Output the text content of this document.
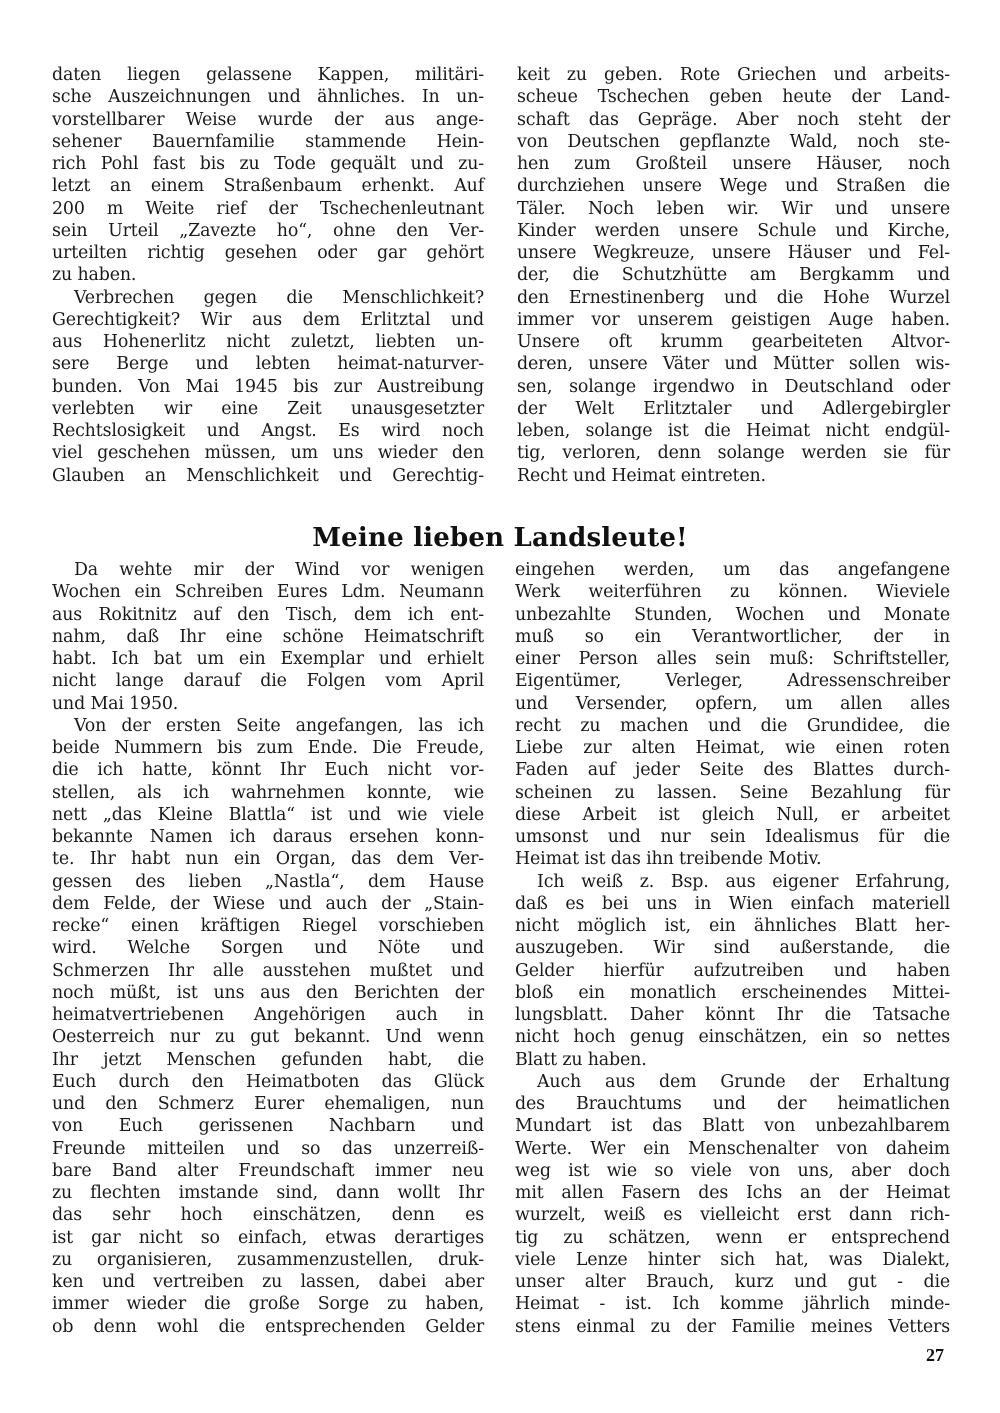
daten liegen gelassene Kappen, militäri-
sche Auszeichnungen und ähnliches. In un-
vorstellbarer Weise wurde der aus ange-
sehener Bauernfamilie stammende Hein-
rich Pohl fast bis zu Tode gequält und zu-
letzt an einem Straßenbaum erhenkt. Auf
200 m Weite rief der Tschechenleutnant
sein Urteil „Zavezte ho“, ohne den Ver-
urteilten richtig gesehen oder gar gehört
zu haben.
Verbrechen gegen die Menschlichkeit?
Gerechtigkeit? Wir aus dem Erlitztal und
aus Hohenerlitz nicht zuletzt, liebten un-
sere Berge und lebten heimat-naturver-
bunden. Von Mai 1945 bis zur Austreibung
verlebten wir eine Zeit unausgesetzter
Rechtslosigkeit und Angst. Es wird noch
viel geschehen müssen, um uns wieder den
Glauben an Menschlichkeit und Gerechtig-
keit zu geben. Rote Griechen und arbeits-
scheue Tschechen geben heute der Land-
schaft das Gepräge. Aber noch steht der
von Deutschen gepflanzte Wald, noch ste-
hen zum Großteil unsere Häuser, noch
durchziehen unsere Wege und Straßen die
Täler. Noch leben wir. Wir und unsere
Kinder werden unsere Schule und Kirche,
unsere Wegkreuze, unsere Häuser und Fel-
der, die Schutzhütte am Bergkamm und
den Ernestinenberg und die Hohe Wurzel
immer vor unserem geistigen Auge haben.
Unsere oft krumm gearbeiteten Altvor-
deren, unsere Väter und Mütter sollen wis-
sen, solange irgendwo in Deutschland oder
der Welt Erlitztaler und Adlergebirgler
leben, solange ist die Heimat nicht endgül-
tig, verloren, denn solange werden sie für
Recht und Heimat eintreten.
Meine lieben Landsleute!
Da wehte mir der Wind vor wenigen
Wochen ein Schreiben Eures Ldm. Neumann
aus Rokitnitz auf den Tisch, dem ich ent-
nahm, daß Ihr eine schöne Heimatschrift
habt. Ich bat um ein Exemplar und erhielt
nicht lange darauf die Folgen vom April
und Mai 1950.
Von der ersten Seite angefangen, las ich
beide Nummern bis zum Ende. Die Freude,
die ich hatte, könnt Ihr Euch nicht vor-
stellen, als ich wahrnehmen konnte, wie
nett „das Kleine Blattla“ ist und wie viele
bekannte Namen ich daraus ersehen konn-
te. Ihr habt nun ein Organ, das dem Ver-
gessen des lieben „Nastla“, dem Hause
dem Felde, der Wiese und auch der „Stain-
recke“ einen kräftigen Riegel vorschieben
wird. Welche Sorgen und Nöte und
Schmerzen Ihr alle ausstehen mußtet und
noch müßt, ist uns aus den Berichten der
heimatvertriebenen Angehörigen auch in
Oesterreich nur zu gut bekannt. Und wenn
Ihr jetzt Menschen gefunden habt, die
Euch durch den Heimatboten das Glück
und den Schmerz Eurer ehemaligen, nun
von Euch gerissenen Nachbarn und
Freunde mitteilen und so das unzerreiß-
bare Band alter Freundschaft immer neu
zu flechten imstande sind, dann wollt Ihr
das sehr hoch einschätzen, denn es
ist gar nicht so einfach, etwas derartiges
zu organisieren, zusammenzustellen, druk-
ken und vertreiben zu lassen, dabei aber
immer wieder die große Sorge zu haben,
ob denn wohl die entsprechenden Gelder
eingehen werden, um das angefangene
Werk weiterführen zu können. Wieviele
unbezahlte Stunden, Wochen und Monate
muß so ein Verantwortlicher, der in
einer Person alles sein muß: Schriftsteller,
Eigentümer, Verleger, Adressenschreiber
und Versender, opfern, um allen alles
recht zu machen und die Grundidee, die
Liebe zur alten Heimat, wie einen roten
Faden auf jeder Seite des Blattes durch-
scheinen zu lassen. Seine Bezahlung für
diese Arbeit ist gleich Null, er arbeitet
umsonst und nur sein Idealismus für die
Heimat ist das ihn treibende Motiv.
Ich weiß z. Bsp. aus eigener Erfahrung,
daß es bei uns in Wien einfach materiell
nicht möglich ist, ein ähnliches Blatt her-
auszugeben. Wir sind außerstande, die
Gelder hierfür aufzutreiben und haben
bloß ein monatlich erscheinendes Mittei-
lungsblatt. Daher könnt Ihr die Tatsache
nicht hoch genug einschätzen, ein so nettes
Blatt zu haben.
Auch aus dem Grunde der Erhaltung
des Brauchtums und der heimatlichen
Mundart ist das Blatt von unbezahlbarem
Werte. Wer ein Menschenalter von daheim
weg ist wie so viele von uns, aber doch
mit allen Fasern des Ichs an der Heimat
wurzelt, weiß es vielleicht erst dann rich-
tig zu schätzen, wenn er entsprechend
viele Lenze hinter sich hat, was Dialekt,
unser alter Brauch, kurz und gut - die
Heimat - ist. Ich komme jährlich minde-
stens einmal zu der Familie meines Vetters
27
